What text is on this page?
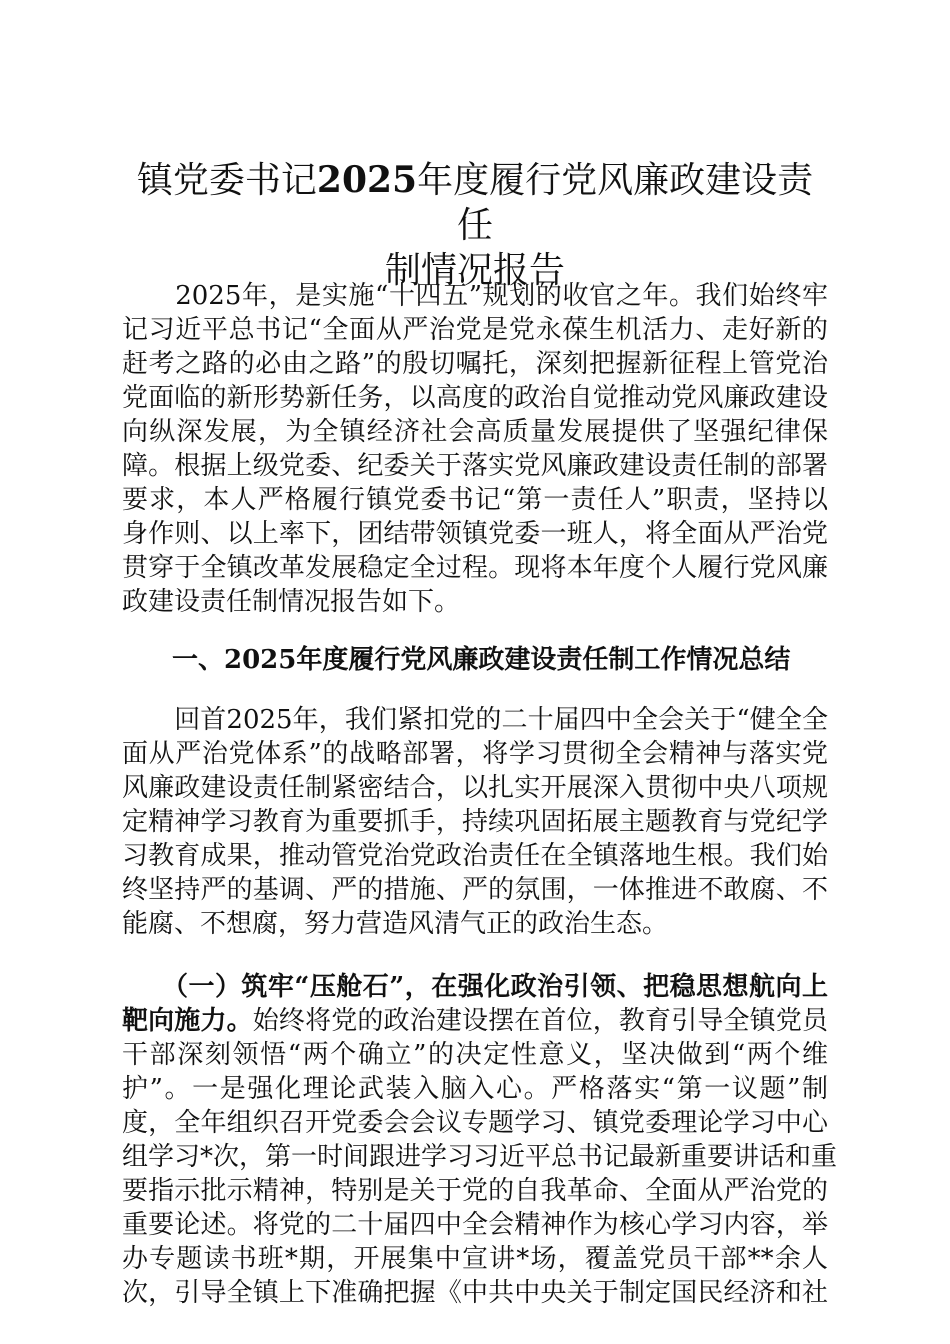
镇党委书记2025年度履行党风廉政建设责任
制情况报告

　　2025年，是实施“十四五”规划的收官之年。我们始终牢

记习近平总书记“全面从严治党是党永葆生机活力、走好新的

赶考之路的必由之路”的殷切嘱托，深刻把握新征程上管党治

党面临的新形势新任务，以高度的政治自觉推动党风廉政建设

向纵深发展，为全镇经济社会高质量发展提供了坚强纪律保

障。根据上级党委、纪委关于落实党风廉政建设责任制的部署

要求，本人严格履行镇党委书记“第一责任人”职责，坚持以

身作则、以上率下，团结带领镇党委一班人，将全面从严治党

贯穿于全镇改革发展稳定全过程。现将本年度个人履行党风廉

政建设责任制情况报告如下。

一、2025年度履行党风廉政建设责任制工作情况总结

　　回首2025年，我们紧扣党的二十届四中全会关于“健全全

面从严治党体系”的战略部署，将学习贯彻全会精神与落实党

风廉政建设责任制紧密结合，以扎实开展深入贯彻中央八项规

定精神学习教育为重要抓手，持续巩固拓展主题教育与党纪学

习教育成果，推动管党治党政治责任在全镇落地生根。我们始

终坚持严的基调、严的措施、严的氛围，一体推进不敢腐、不

能腐、不想腐，努力营造风清气正的政治生态。

　　（一）筑牢“压舱石”，在强化政治引领、把稳思想航向上

靶向施力。始终将党的政治建设摆在首位，教育引导全镇党员

干部深刻领悟“两个确立”的决定性意义，坚决做到“两个维

护”。一是强化理论武装入脑入心。严格落实“第一议题”制

度，全年组织召开党委会会议专题学习、镇党委理论学习中心

组学习*次，第一时间跟进学习习近平总书记最新重要讲话和重

要指示批示精神，特别是关于党的自我革命、全面从严治党的

重要论述。将党的二十届四中全会精神作为核心学习内容，举

办专题读书班*期，开展集中宣讲*场，覆盖党员干部**余人

次，引导全镇上下准确把握《中共中央关于制定国民经济和社
